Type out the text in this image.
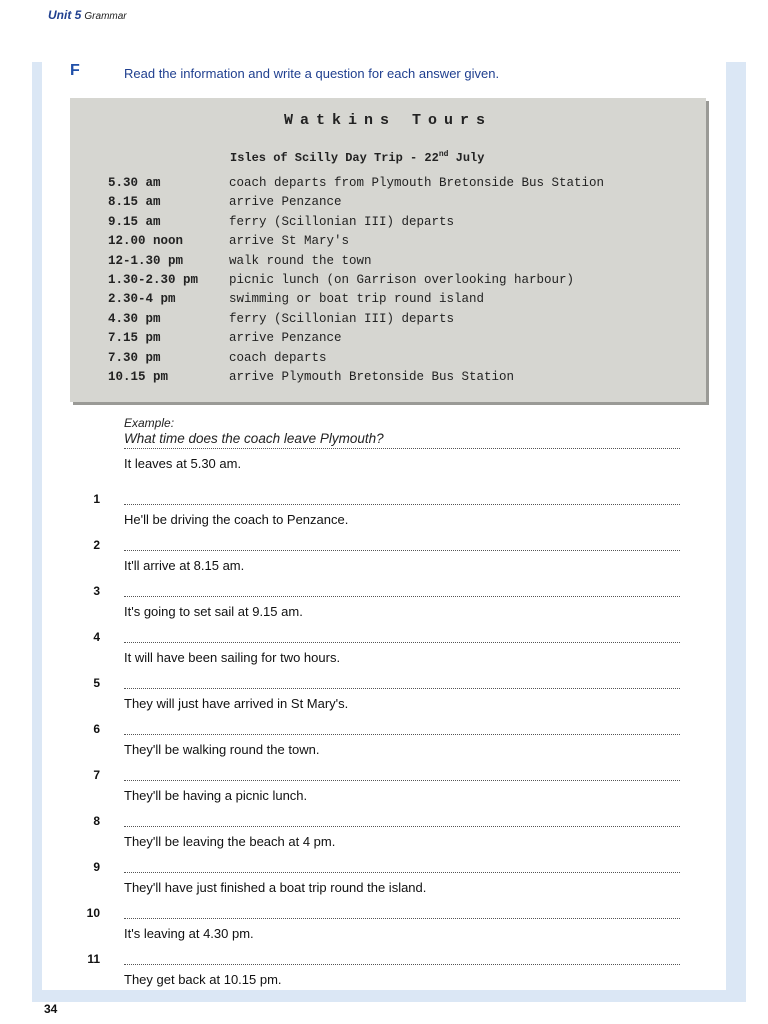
Unit 5 Grammar
F	Read the information and write a question for each answer given.
Watkins Tours
Isles of Scilly Day Trip - 22nd July
5.30 am	coach departs from Plymouth Bretonside Bus Station
8.15 am	arrive Penzance
9.15 am	ferry (Scillonian III) departs
12.00 noon	arrive St Mary's
12-1.30 pm	walk round the town
1.30-2.30 pm picnic lunch (on Garrison overlooking harbour)
2.30-4 pm	swimming or boat trip round island
4.30 pm	ferry (Scillonian III) departs
7.15 pm	arrive Penzance
7.30 pm	coach departs
10.15 pm	arrive Plymouth Bretonside Bus Station
Example:
What time does the coach leave Plymouth?
It leaves at 5.30 am.
1
He'll be driving the coach to Penzance.
2
It'll arrive at 8.15 am.
3
It's going to set sail at 9.15 am.
4
It will have been sailing for two hours.
5
They will just have arrived in St Mary's.
6
They'll be walking round the town.
7
They'll be having a picnic lunch.
8
They'll be leaving the beach at 4 pm.
9
They'll have just finished a boat trip round the island.
10
It's leaving at 4.30 pm.
11
They get back at 10.15 pm.
34
